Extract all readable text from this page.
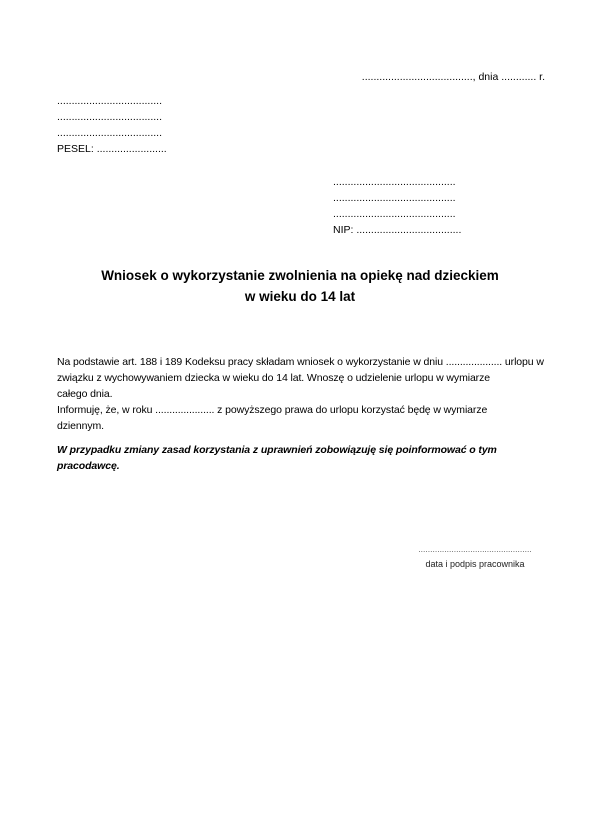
......................................, dnia ............ r.
....................................
....................................
....................................
PESEL: ........................
..........................................
..........................................
..........................................
NIP: ....................................
Wniosek o wykorzystanie zwolnienia na opiekę nad dzieckiem
w wieku do 14 lat
Na podstawie art. 188 i 189 Kodeksu pracy składam wniosek o wykorzystanie w dniu .................... urlopu w
związku z wychowywaniem dziecka w wieku do 14 lat. Wnoszę o udzielenie urlopu w wymiarze
całego dnia.
Informuję, że, w roku ..................... z powyższego prawa do urlopu korzystać będę w wymiarze
dziennym.
W przypadku zmiany zasad korzystania z uprawnień zobowiązuję się poinformować o tym
pracodawcę.
................................................
data i podpis pracownika
